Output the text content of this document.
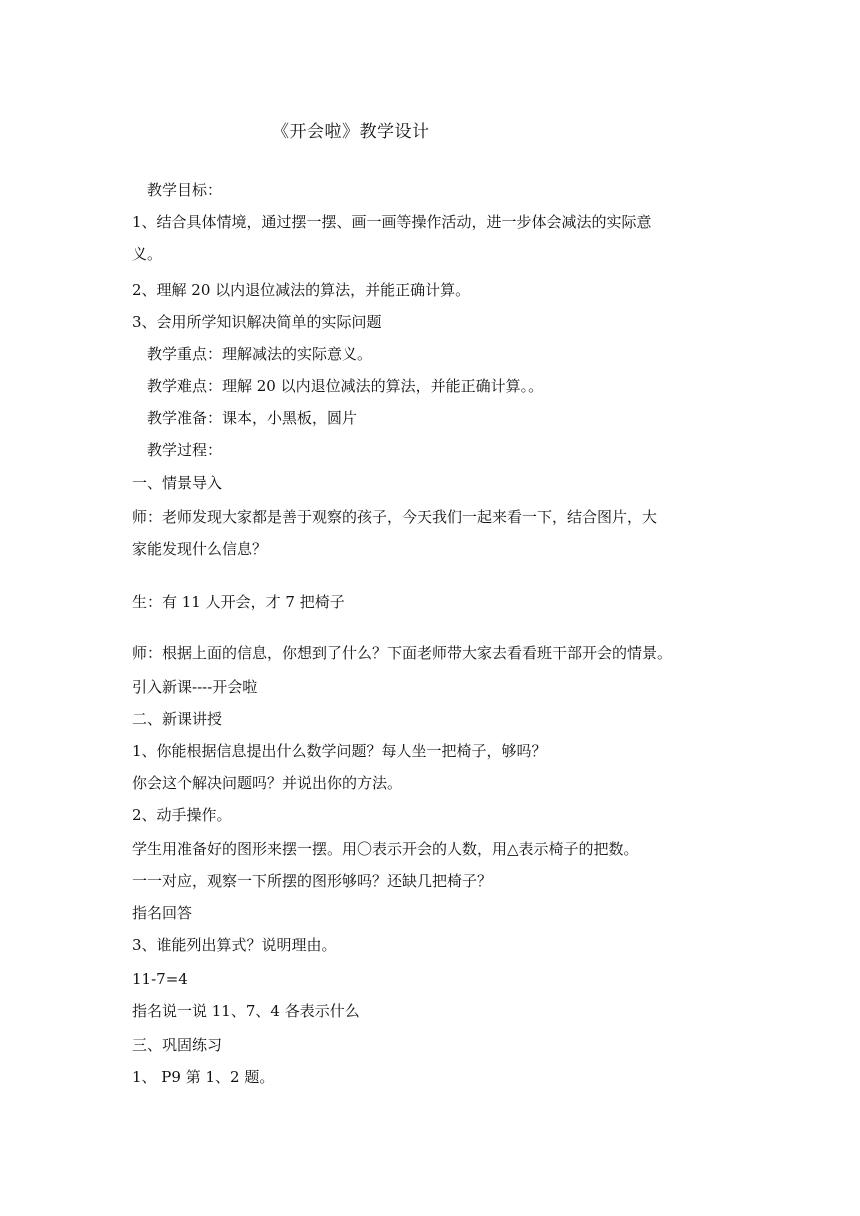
《开会啦》教学设计
教学目标：
1、结合具体情境，通过摆一摆、画一画等操作活动，进一步体会减法的实际意
义。
2、理解 20 以内退位减法的算法，并能正确计算。
3、会用所学知识解决简单的实际问题
教学重点：理解减法的实际意义。
教学难点：理解 20 以内退位减法的算法，并能正确计算。。
教学准备：课本，小黑板，圆片
教学过程：
一、情景导入
师：老师发现大家都是善于观察的孩子，今天我们一起来看一下，结合图片，大
家能发现什么信息？
生：有 11 人开会，才 7 把椅子
师：根据上面的信息，你想到了什么？下面老师带大家去看看班干部开会的情景。
引入新课----开会啦
二、新课讲授
1、你能根据信息提出什么数学问题？每人坐一把椅子，够吗？
你会这个解决问题吗？并说出你的方法。
2、动手操作。
学生用准备好的图形来摆一摆。用〇表示开会的人数，用△表示椅子的把数。
一一对应，观察一下所摆的图形够吗？还缺几把椅子？
指名回答
3、谁能列出算式？说明理由。
11-7=4
指名说一说 11、7、4 各表示什么
三、巩固练习
1、 P9 第 1、2 题。
